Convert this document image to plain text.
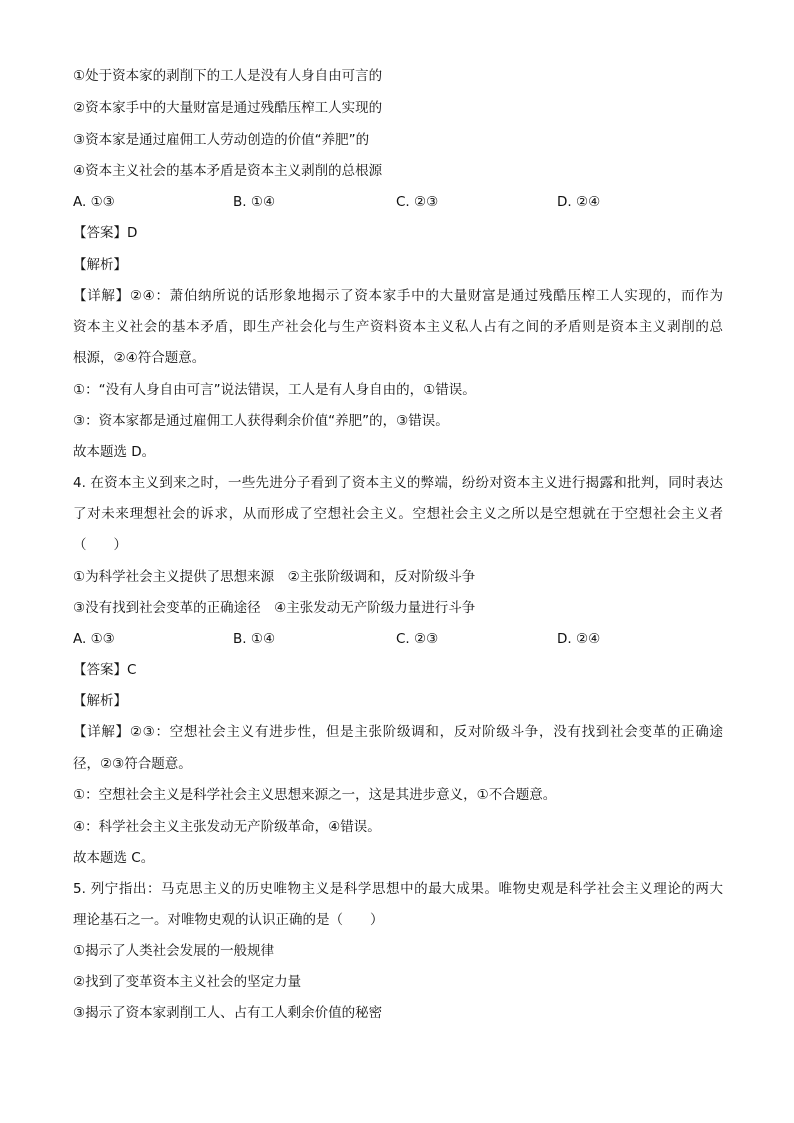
①处于资本家的剥削下的工人是没有人身自由可言的
②资本家手中的大量财富是通过残酷压榨工人实现的
③资本家是通过雇佣工人劳动创造的价值“养肥”的
④资本主义社会的基本矛盾是资本主义剥削的总根源
A. ①③	B. ①④	C. ②③	D. ②④
【答案】D
【解析】
【详解】②④：萧伯纳所说的话形象地揭示了资本家手中的大量财富是通过残酷压榨工人实现的，而作为
资本主义社会的基本矛盾，即生产社会化与生产资料资本主义私人占有之间的矛盾则是资本主义剥削的总
根源，②④符合题意。
①：“没有人身自由可言”说法错误，工人是有人身自由的，①错误。
③：资本家都是通过雇佣工人获得剩余价值“养肥”的，③错误。
故本题选 D。
4. 在资本主义到来之时，一些先进分子看到了资本主义的弊端，纷纷对资本主义进行揭露和批判，同时表达
了对未来理想社会的诉求，从而形成了空想社会主义。空想社会主义之所以是空想就在于空想社会主义者
（　　）
①为科学社会主义提供了思想来源　②主张阶级调和，反对阶级斗争
③没有找到社会变革的正确途径　④主张发动无产阶级力量进行斗争
A. ①③	B. ①④	C. ②③	D. ②④
【答案】C
【解析】
【详解】②③：空想社会主义有进步性，但是主张阶级调和，反对阶级斗争，没有找到社会变革的正确途
径，②③符合题意。
①：空想社会主义是科学社会主义思想来源之一，这是其进步意义，①不合题意。
④：科学社会主义主张发动无产阶级革命，④错误。
故本题选 C。
5. 列宁指出：马克思主义的历史唯物主义是科学思想中的最大成果。唯物史观是科学社会主义理论的两大
理论基石之一。对唯物史观的认识正确的是（　　）
①揭示了人类社会发展的一般规律
②找到了变革资本主义社会的坚定力量
③揭示了资本家剥削工人、占有工人剩余价值的秘密
